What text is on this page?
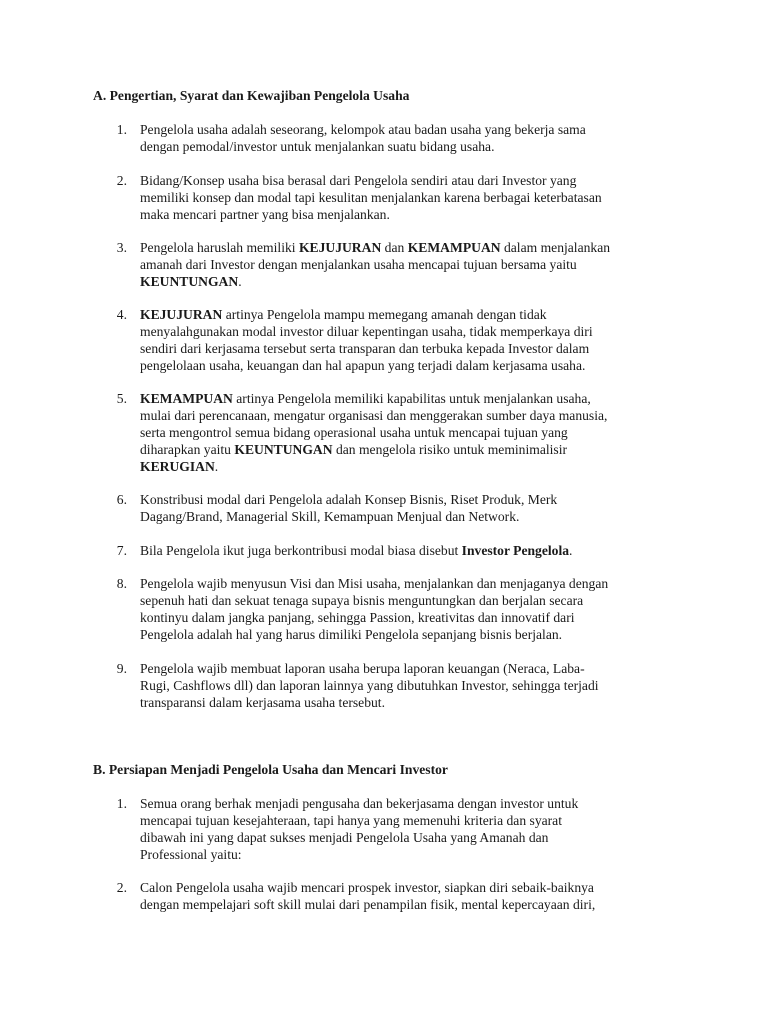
A. Pengertian, Syarat dan Kewajiban Pengelola Usaha
1. Pengelola usaha adalah seseorang, kelompok atau badan usaha yang bekerja sama
dengan pemodal/investor untuk menjalankan suatu bidang usaha.
2. Bidang/Konsep usaha bisa berasal dari Pengelola sendiri atau dari Investor yang
memiliki konsep dan modal tapi kesulitan menjalankan karena berbagai keterbatasan
maka mencari partner yang bisa menjalankan.
3. Pengelola haruslah memiliki KEJUJURAN dan KEMAMPUAN dalam menjalankan
amanah dari Investor dengan menjalankan usaha mencapai tujuan bersama yaitu
KEUNTUNGAN.
4. KEJUJURAN artinya Pengelola mampu memegang amanah dengan tidak
menyalahgunakan modal investor diluar kepentingan usaha, tidak memperkaya diri
sendiri dari kerjasama tersebut serta transparan dan terbuka kepada Investor dalam
pengelolaan usaha, keuangan dan hal apapun yang terjadi dalam kerjasama usaha.
5. KEMAMPUAN artinya Pengelola memiliki kapabilitas untuk menjalankan usaha,
mulai dari perencanaan, mengatur organisasi dan menggerakan sumber daya manusia,
serta mengontrol semua bidang operasional usaha untuk mencapai tujuan yang
diharapkan yaitu KEUNTUNGAN dan mengelola risiko untuk meminimalisir
KERUGIAN.
6. Konstribusi modal dari Pengelola adalah Konsep Bisnis, Riset Produk, Merk
Dagang/Brand, Managerial Skill, Kemampuan Menjual dan Network.
7. Bila Pengelola ikut juga berkontribusi modal biasa disebut Investor Pengelola.
8. Pengelola wajib menyusun Visi dan Misi usaha, menjalankan dan menjaganya dengan
sepenuh hati dan sekuat tenaga supaya bisnis menguntungkan dan berjalan secara
kontinyu dalam jangka panjang, sehingga Passion, kreativitas dan innovatif dari
Pengelola adalah hal yang harus dimiliki Pengelola sepanjang bisnis berjalan.
9. Pengelola wajib membuat laporan usaha berupa laporan keuangan (Neraca, Laba-
Rugi, Cashflows dll) dan laporan lainnya yang dibutuhkan Investor, sehingga terjadi
transparansi dalam kerjasama usaha tersebut.
B. Persiapan Menjadi Pengelola Usaha dan Mencari Investor
1. Semua orang berhak menjadi pengusaha dan bekerjasama dengan investor untuk
mencapai tujuan kesejahteraan, tapi hanya yang memenuhi kriteria dan syarat
dibawah ini yang dapat sukses menjadi Pengelola Usaha yang Amanah dan
Professional yaitu:
2. Calon Pengelola usaha wajib mencari prospek investor, siapkan diri sebaik-baiknya
dengan mempelajari soft skill mulai dari penampilan fisik, mental kepercayaan diri,
